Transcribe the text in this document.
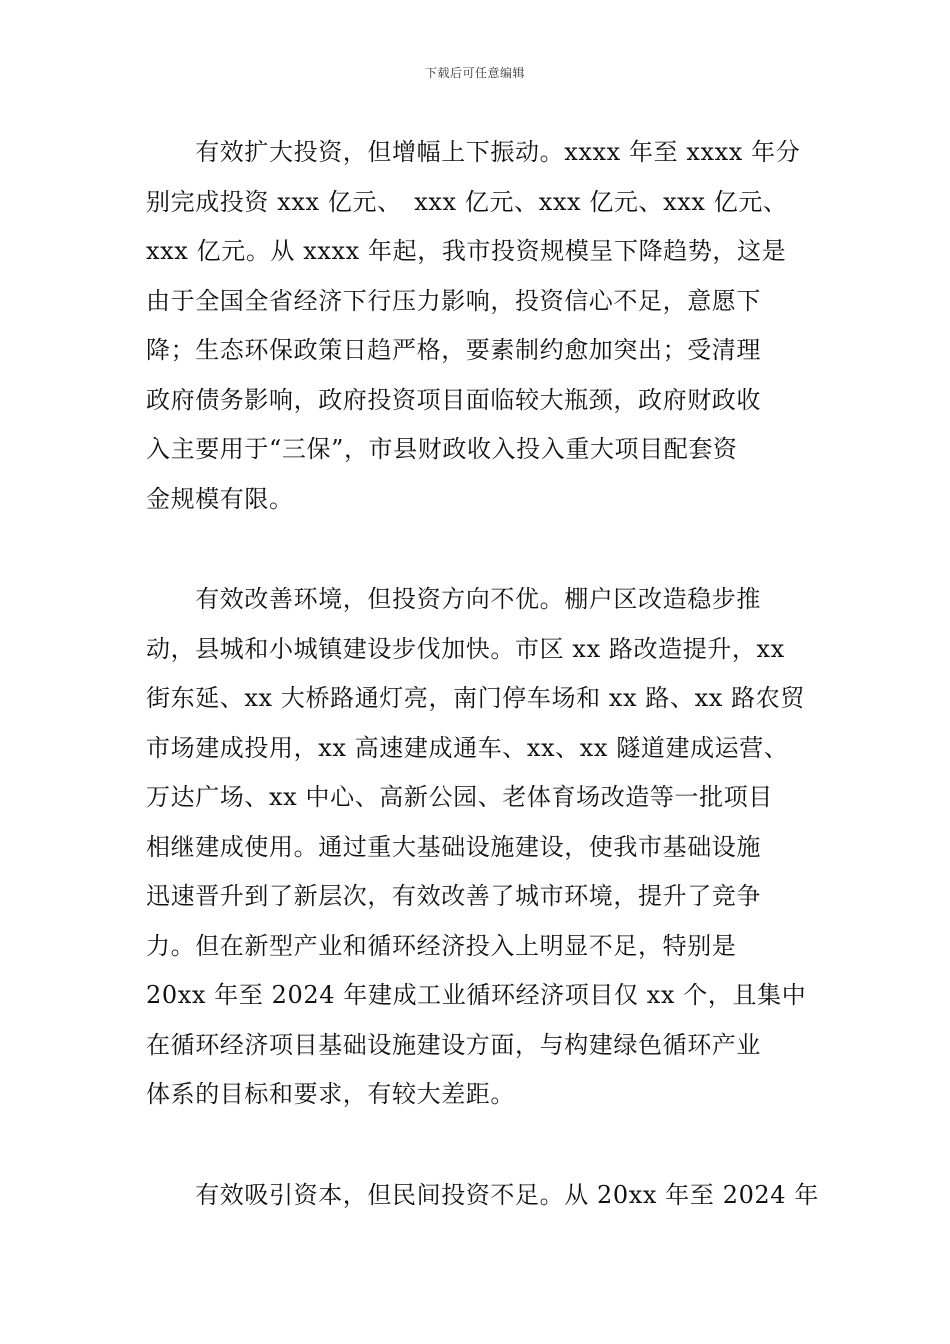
下载后可任意编辑
　　有效扩大投资，但增幅上下振动。xxxx 年至 xxxx 年分
别完成投资 xxx 亿元、　xxx 亿元、xxx 亿元、xxx 亿元、
xxx 亿元。从 xxxx 年起，我市投资规模呈下降趋势，这是
由于全国全省经济下行压力影响，投资信心不足，意愿下
降；生态环保政策日趋严格，要素制约愈加突出；受清理
政府债务影响，政府投资项目面临较大瓶颈，政府财政收
入主要用于“三保”，市县财政收入投入重大项目配套资
金规模有限。
　　有效改善环境，但投资方向不优。棚户区改造稳步推
动，县城和小城镇建设步伐加快。市区 xx 路改造提升，xx
街东延、xx 大桥路通灯亮，南门停车场和 xx 路、xx 路农贸
市场建成投用，xx 高速建成通车、xx、xx 隧道建成运营、
万达广场、xx 中心、高新公园、老体育场改造等一批项目
相继建成使用。通过重大基础设施建设，使我市基础设施
迅速晋升到了新层次，有效改善了城市环境，提升了竞争
力。但在新型产业和循环经济投入上明显不足，特别是
20xx 年至 2024 年建成工业循环经济项目仅 xx 个，且集中
在循环经济项目基础设施建设方面，与构建绿色循环产业
体系的目标和要求，有较大差距。
　　有效吸引资本，但民间投资不足。从 20xx 年至 2024 年
